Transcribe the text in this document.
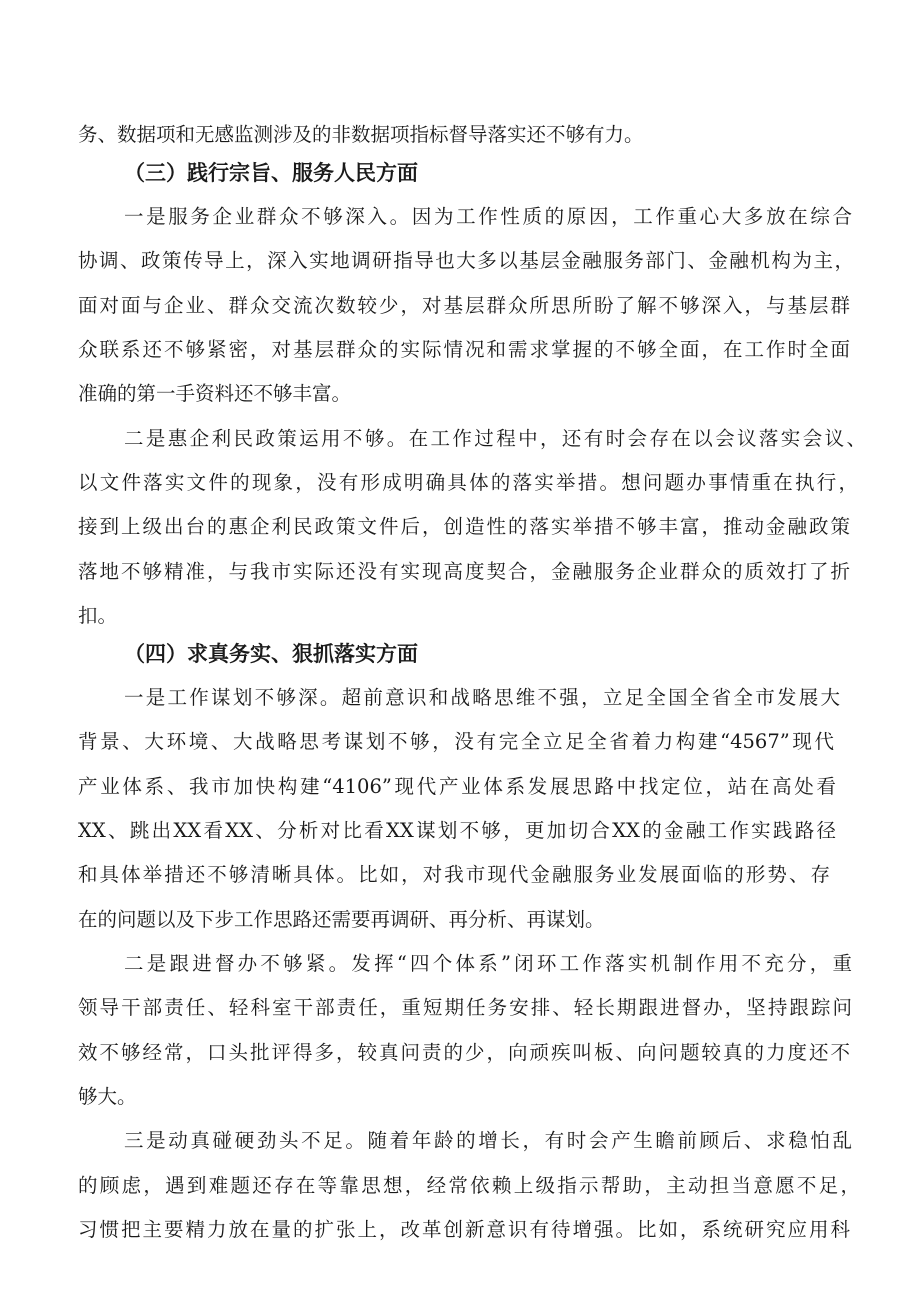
务、数据项和无感监测涉及的非数据项指标督导落实还不够有力。
（三）践行宗旨、服务人民方面
一是服务企业群众不够深入。因为工作性质的原因，工作重心大多放在综合
协调、政策传导上，深入实地调研指导也大多以基层金融服务部门、金融机构为主，
面对面与企业、群众交流次数较少，对基层群众所思所盼了解不够深入，与基层群
众联系还不够紧密，对基层群众的实际情况和需求掌握的不够全面，在工作时全面
准确的第一手资料还不够丰富。
二是惠企利民政策运用不够。在工作过程中，还有时会存在以会议落实会议、
以文件落实文件的现象，没有形成明确具体的落实举措。想问题办事情重在执行，
接到上级出台的惠企利民政策文件后，创造性的落实举措不够丰富，推动金融政策
落地不够精准，与我市实际还没有实现高度契合，金融服务企业群众的质效打了折
扣。
（四）求真务实、狠抓落实方面
一是工作谋划不够深。超前意识和战略思维不强，立足全国全省全市发展大
背景、大环境、大战略思考谋划不够，没有完全立足全省着力构建“4567”现代
产业体系、我市加快构建“4106”现代产业体系发展思路中找定位，站在高处看
XX、跳出XX看XX、分析对比看XX谋划不够，更加切合XX的金融工作实践路径
和具体举措还不够清晰具体。比如，对我市现代金融服务业发展面临的形势、存
在的问题以及下步工作思路还需要再调研、再分析、再谋划。
二是跟进督办不够紧。发挥“四个体系”闭环工作落实机制作用不充分，重
领导干部责任、轻科室干部责任，重短期任务安排、轻长期跟进督办，坚持跟踪问
效不够经常，口头批评得多，较真问责的少，向顽疾叫板、向问题较真的力度还不
够大。
三是动真碰硬劲头不足。随着年龄的增长，有时会产生瞻前顾后、求稳怕乱
的顾虑，遇到难题还存在等靠思想，经常依赖上级指示帮助，主动担当意愿不足，
习惯把主要精力放在量的扩张上，改革创新意识有待增强。比如，系统研究应用科
